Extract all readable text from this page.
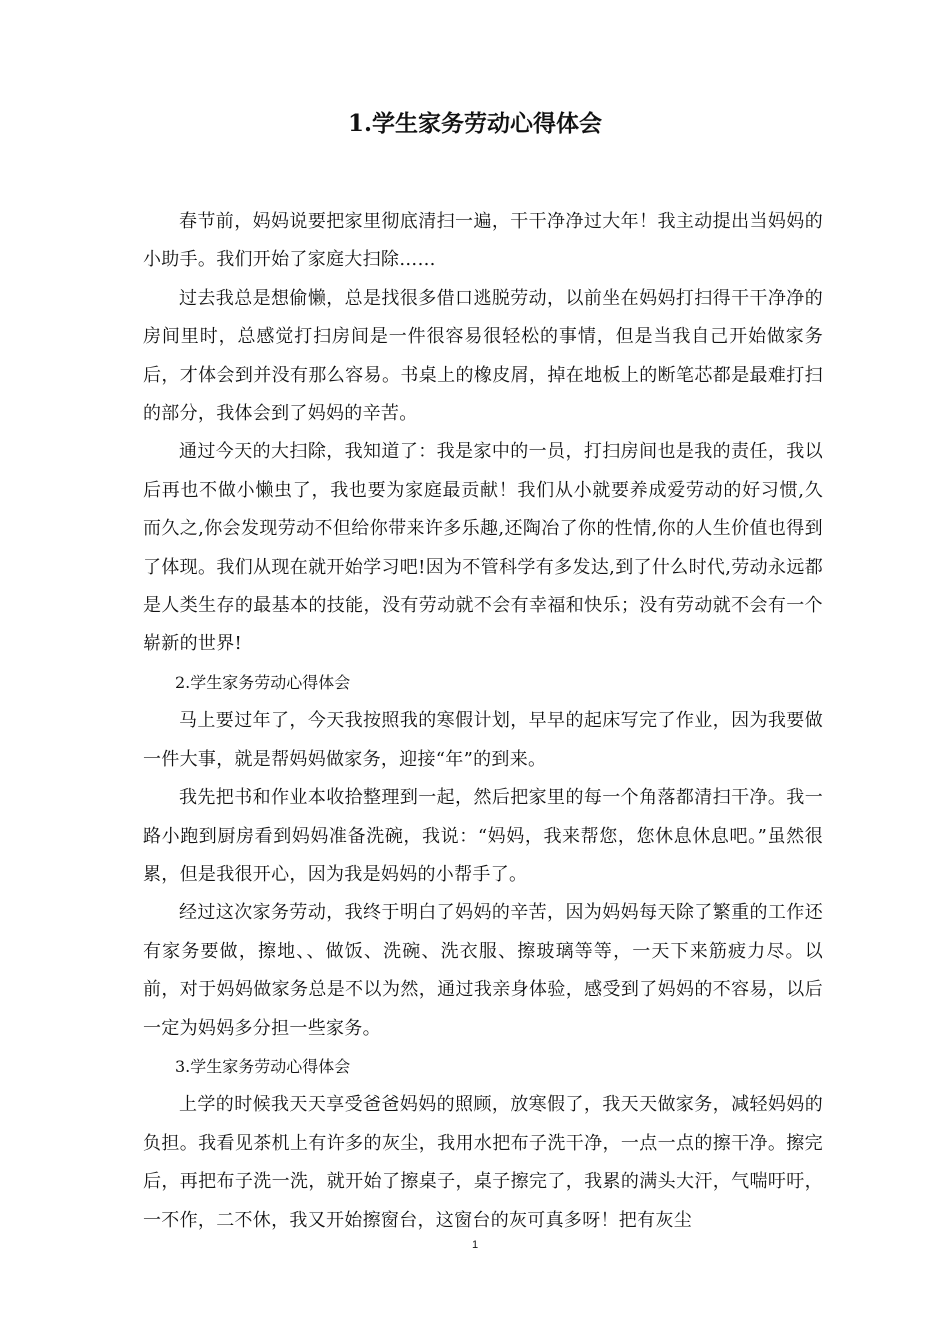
1.学生家务劳动心得体会

春节前，妈妈说要把家里彻底清扫一遍，干干净净过大年！我主动提出当妈妈的小助手。我们开始了家庭大扫除……

过去我总是想偷懒，总是找很多借口逃脱劳动，以前坐在妈妈打扫得干干净净的房间里时，总感觉打扫房间是一件很容易很轻松的事情，但是当我自己开始做家务后，才体会到并没有那么容易。书桌上的橡皮屑，掉在地板上的断笔芯都是最难打扫的部分，我体会到了妈妈的辛苦。

通过今天的大扫除，我知道了：我是家中的一员，打扫房间也是我的责任，我以后再也不做小懒虫了，我也要为家庭最贡献！我们从小就要养成爱劳动的好习惯,久而久之,你会发现劳动不但给你带来许多乐趣,还陶冶了你的性情,你的人生价值也得到了体现。我们从现在就开始学习吧!因为不管科学有多发达,到了什么时代,劳动永远都是人类生存的最基本的技能，没有劳动就不会有幸福和快乐；没有劳动就不会有一个崭新的世界!

2.学生家务劳动心得体会

马上要过年了，今天我按照我的寒假计划，早早的起床写完了作业，因为我要做一件大事，就是帮妈妈做家务，迎接“年”的到来。

我先把书和作业本收拾整理到一起，然后把家里的每一个角落都清扫干净。我一路小跑到厨房看到妈妈准备洗碗，我说：“妈妈，我来帮您，您休息休息吧。”虽然很累，但是我很开心，因为我是妈妈的小帮手了。

经过这次家务劳动，我终于明白了妈妈的辛苦，因为妈妈每天除了繁重的工作还有家务要做，擦地、、做饭、洗碗、洗衣服、擦玻璃等等，一天下来筋疲力尽。以前，对于妈妈做家务总是不以为然，通过我亲身体验，感受到了妈妈的不容易，以后一定为妈妈多分担一些家务。

3.学生家务劳动心得体会

上学的时候我天天享受爸爸妈妈的照顾，放寒假了，我天天做家务，减轻妈妈的负担。我看见茶机上有许多的灰尘，我用水把布子洗干净，一点一点的擦干净。擦完后，再把布子洗一洗，就开始了擦桌子，桌子擦完了，我累的满头大汗，气喘吁吁，一不作，二不休，我又开始擦窗台，这窗台的灰可真多呀！把有灰尘

1
